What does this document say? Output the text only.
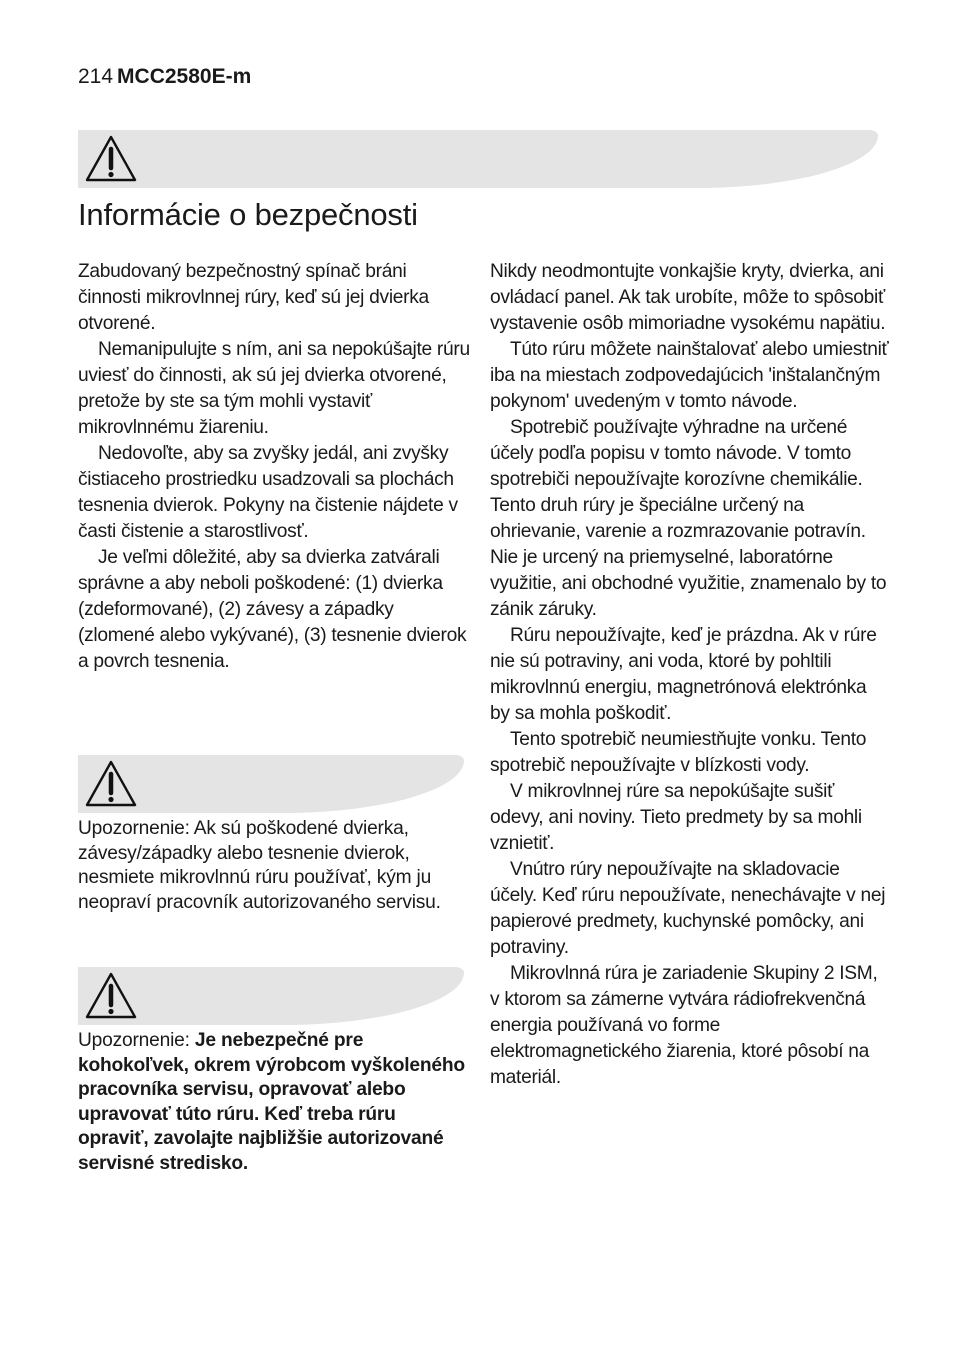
214 MCC2580E-m
Informácie o bezpečnosti

Zabudovaný bezpečnostný spínač bráni činnosti mikrovlnnej rúry, keď sú jej dvierka otvorené.

Nemanipulujte s ním, ani sa nepokúšajte rúru uviesť do činnosti, ak sú jej dvierka otvorené, pretože by ste sa tým mohli vystaviť mikrovlnnému žiareniu.

Nedovoľte, aby sa zvyšky jedál, ani zvyšky čistiaceho prostriedku usadzovali sa plochách tesnenia dvierok. Pokyny na čistenie nájdete v časti čistenie a starostlivosť.

Je veľmi dôležité, aby sa dvierka zatvárali správne a aby neboli poškodené: (1) dvierka (zdeformované), (2) závesy a západky (zlomené alebo vykývané), (3) tesnenie dvierok a povrch tesnenia.

Upozornenie: Ak sú poškodené dvierka, závesy/západky alebo tesnenie dvierok, nesmiete mikrovlnnú rúru používať, kým ju neopraví pracovník autorizovaného servisu.
Upozornenie: Je nebezpečné pre kohokoľvek, okrem výrobcom vyškoleného pracovníka servisu, opravovať alebo upravovať túto rúru. Keď treba rúru opraviť, zavolajte najbližšie autorizované servisné stredisko.

Nikdy neodmontujte vonkajšie kryty, dvierka, ani ovládací panel. Ak tak urobíte, môže to spôsobiť vystavenie osôb mimoriadne vysokému napätiu.

Túto rúru môžete nainštalovať alebo umiestniť iba na miestach zodpovedajúcich 'inštalančným pokynom' uvedeným v tomto návode.

Spotrebič používajte výhradne na určené účely podľa popisu v tomto návode. V tomto spotrebiči nepoužívajte korozívne chemikálie. Tento druh rúry je špeciálne určený na ohrievanie, varenie a rozmrazovanie potravín. Nie je urcený na priemyselné, laboratórne využitie, ani obchodné využitie, znamenalo by to zánik záruky.

Rúru nepoužívajte, keď je prázdna. Ak v rúre nie sú potraviny, ani voda, ktoré by pohltili mikrovlnnú energiu, magnetrónová elektrónka by sa mohla poškodiť.

Tento spotrebič neumiestňujte vonku. Tento spotrebič nepoužívajte v blízkosti vody.

V mikrovlnnej rúre sa nepokúšajte sušiť odevy, ani noviny. Tieto predmety by sa mohli vznietiť.

Vnútro rúry nepoužívajte na skladovacie účely. Keď rúru nepoužívate, nenechávajte v nej papierové predmety, kuchynské pomôcky, ani potraviny.

Mikrovlnná rúra je zariadenie Skupiny 2 ISM, v ktorom sa zámerne vytvára rádiofrekvenčná energia používaná vo forme elektromagnetického žiarenia, ktoré pôsobí na materiál.
